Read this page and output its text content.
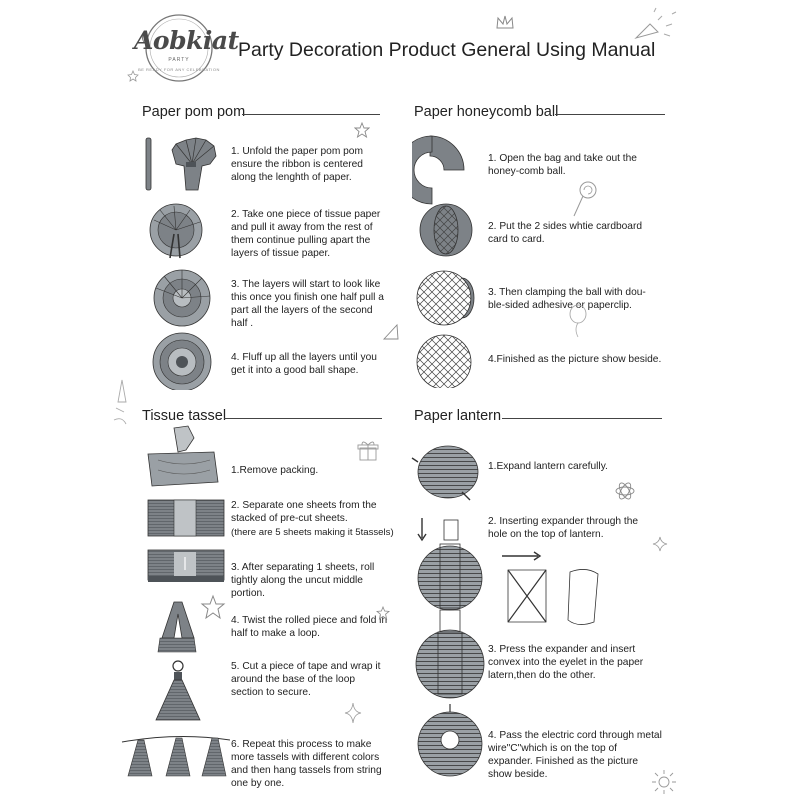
Aobkiat
PARTY
BE READY FOR ANY CELEBRATION
Party Decoration Product General Using Manual
Paper pom pom	Paper honeycomb ball
Tissue tassel	Paper lantern
1. Unfold the paper pom pom ensure the ribbon is centered along the lenghth of paper.
2. Take one piece of tissue paper and pull it away from the rest of them continue pulling apart the layers of tissue paper.
3. The layers will start to look like this once you finish one half pull a part all the layers of the second half .
4. Fluff up all the layers until you get it into a good ball shape.
1. Open the bag and take out the honey-comb ball.
2. Put the 2 sides whtie cardboard card to card.
3. Then clamping the ball with dou-ble-sided adhesive or paperclip.
4.Finished as the picture show beside.
1.Remove packing.
2. Separate one sheets from the stacked of pre-cut sheets.
(there are 5 sheets making it 5tassels)
3. After separating 1 sheets, roll tightly along the uncut middle portion.
4. Twist the rolled piece and fold in half to make a loop.
5. Cut a piece of tape and wrap it around the base of the loop section to secure.
6. Repeat this process to make more tassels with different colors and then hang tassels from string one by one.
1.Expand lantern carefully.
2. Inserting expander through the hole on the top of lantern.
3. Press the expander and insert convex into the eyelet in the paper latern,then do the other.
4. Pass the electric cord through metal wire"C"which is on the top of expander. Finished as the picture show beside.
